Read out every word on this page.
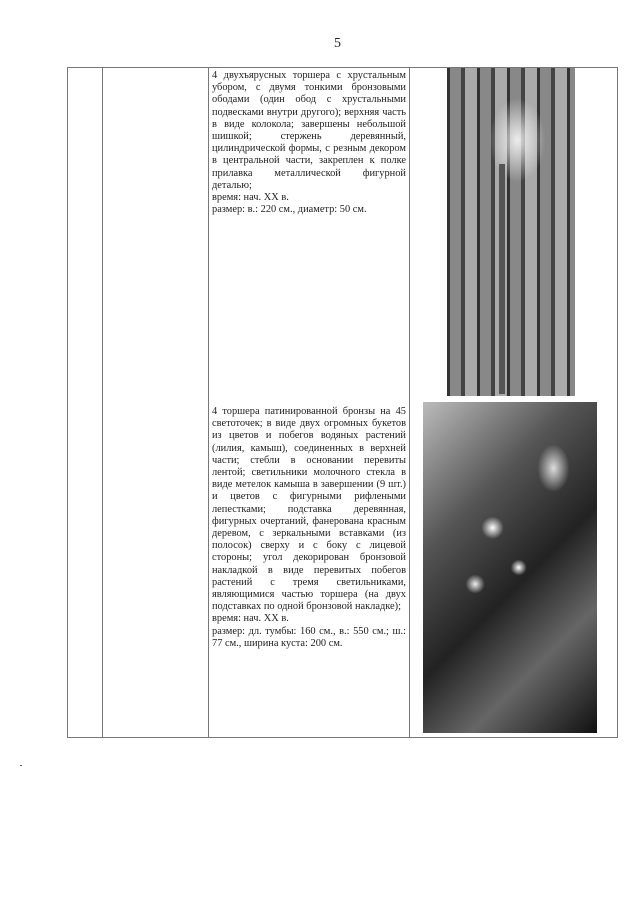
5

4 двухъярусных торшера с хрустальным убором, с двумя тонкими бронзовыми ободами (один обод с хрустальными подвесками внутри другого); верхняя часть в виде колокола; завершены небольшой шишкой; стержень деревянный, цилиндрической формы, с резным декором в центральной части, закреплен к полке прилавка металлической фигурной деталью;

время: нач. XX в.

размер: в.: 220 см., диаметр: 50 см.

4 торшера патинированной бронзы на 45 светоточек; в виде двух огромных букетов из цветов и побегов водяных растений (лилия, камыш), соединенных в верхней части; стебли в основании перевиты лентой; светильники молочного стекла в виде метелок камыша в завершении (9 шт.) и цветов с фигурными рифлеными лепестками; подставка деревянная, фигурных очертаний, фанерована красным деревом, с зеркальными вставками (из полосок) сверху и с боку с лицевой стороны; угол декорирован бронзовой накладкой в виде перевитых побегов растений с тремя светильниками, являющимися частью торшера (на двух подставках по одной бронзовой накладке);

время: нач. XX в.

размер: дл. тумбы: 160 см., в.: 550 см.; ш.: 77 см., ширина куста: 200 см.
